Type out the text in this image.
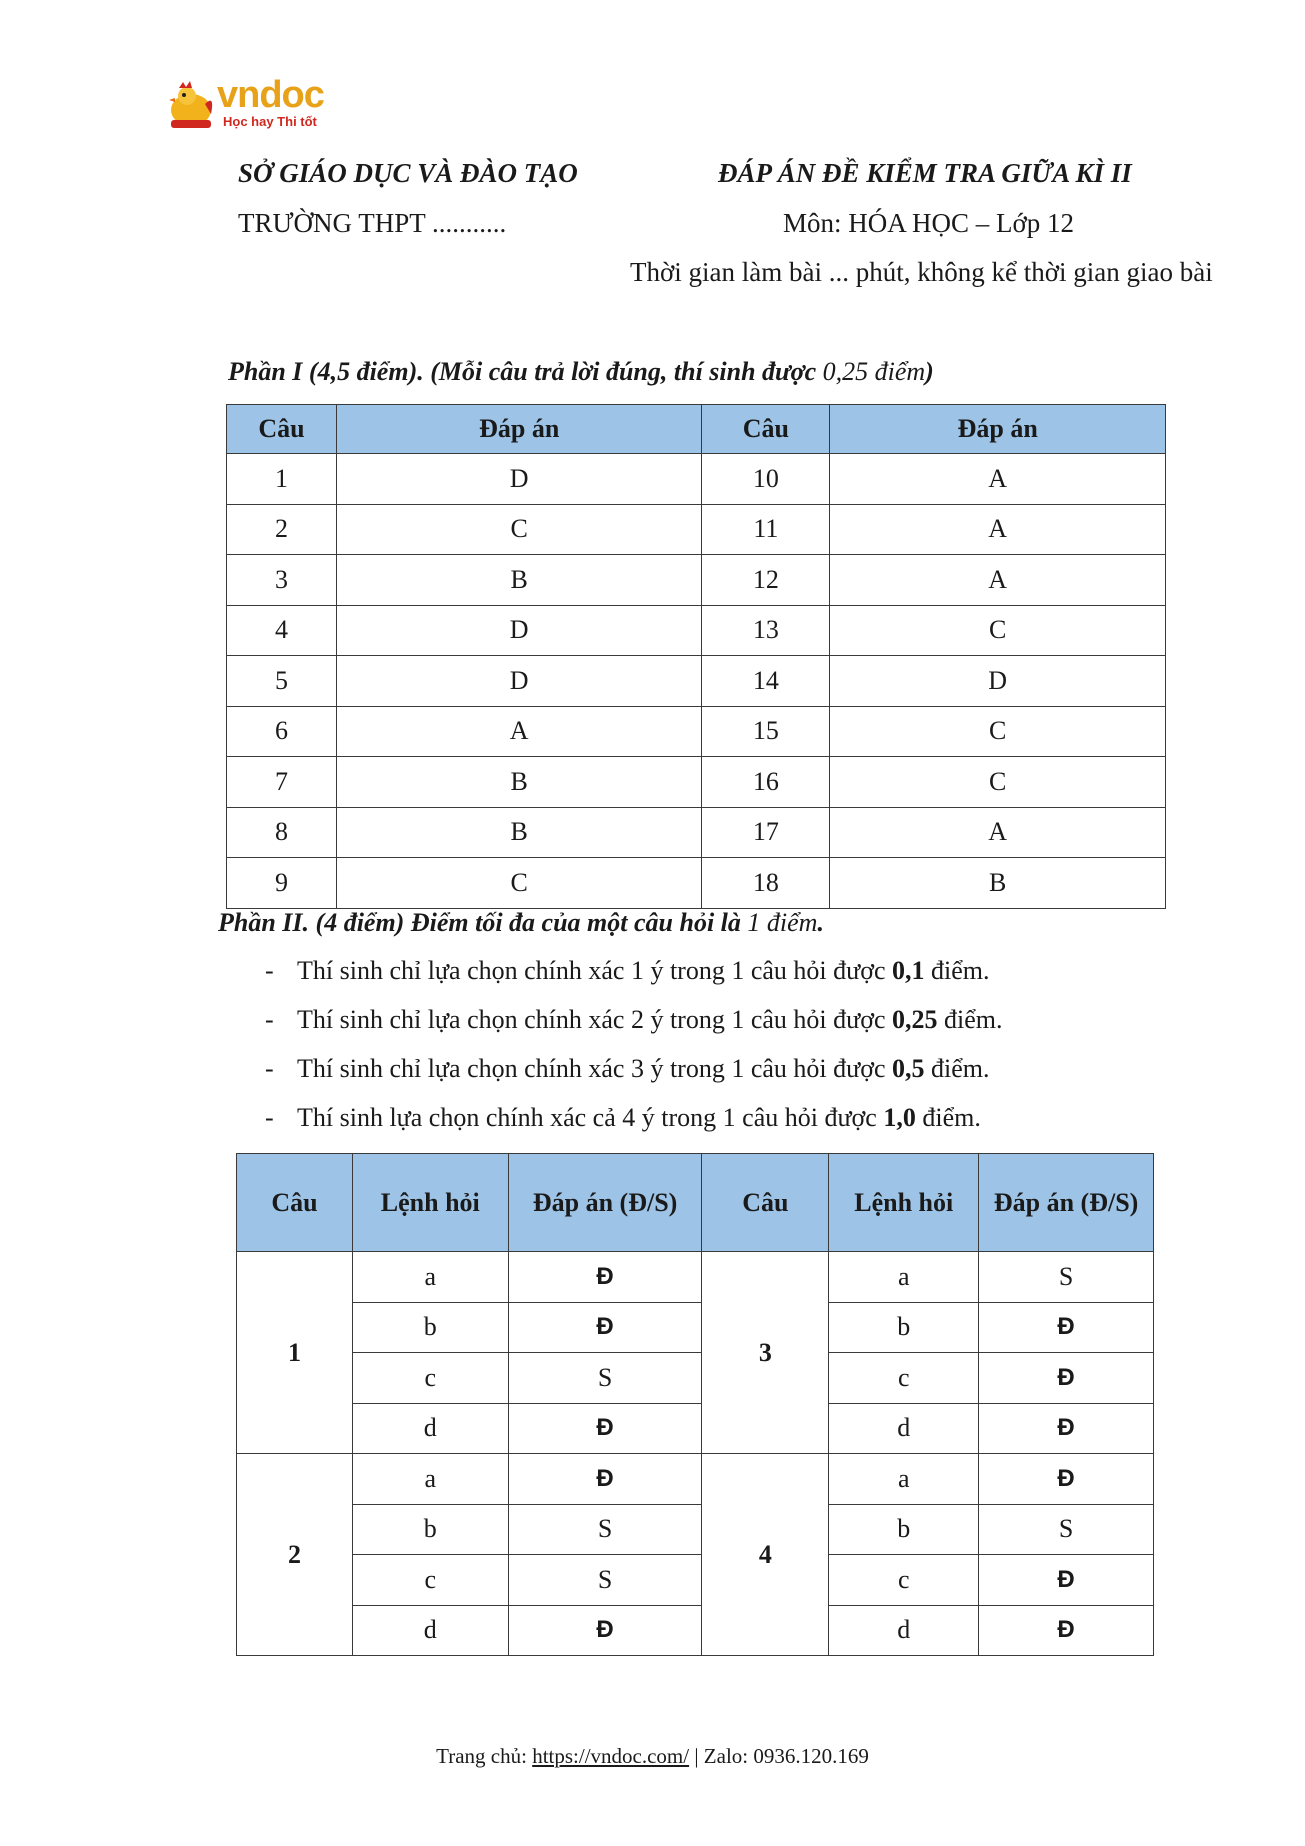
vndoc
Học hay Thi tốt
SỞ GIÁO DỤC VÀ ĐÀO TẠO
TRƯỜNG THPT ...........
ĐÁP ÁN ĐỀ KIỂM TRA GIỮA KÌ II
Môn: HÓA HỌC – Lớp 12
Thời gian làm bài ... phút, không kể thời gian giao bài
Phần I (4,5 điểm). (Mỗi câu trả lời đúng, thí sinh được 0,25 điểm)
Câu	Đáp án	Câu	Đáp án
1	D	10	A
2	C	11	A
3	B	12	A
4	D	13	C
5	D	14	D
6	A	15	C
7	B	16	C
8	B	17	A
9	C	18	B
Phần II. (4 điểm) Điểm tối đa của một câu hỏi là 1 điểm.
- Thí sinh chỉ lựa chọn chính xác 1 ý trong 1 câu hỏi được 0,1 điểm.
- Thí sinh chỉ lựa chọn chính xác 2 ý trong 1 câu hỏi được 0,25 điểm.
- Thí sinh chỉ lựa chọn chính xác 3 ý trong 1 câu hỏi được 0,5 điểm.
- Thí sinh lựa chọn chính xác cả 4 ý trong 1 câu hỏi được 1,0 điểm.
Câu	Lệnh hỏi	Đáp án (Đ/S)	Câu	Lệnh hỏi	Đáp án (Đ/S)
1	a	Đ	3	a	S
	b	Đ		b	Đ
	c	S		c	Đ
	d	Đ		d	Đ
2	a	Đ	4	a	Đ
	b	S		b	S
	c	S		c	Đ
	d	Đ		d	Đ
Trang chủ: https://vndoc.com/ | Zalo: 0936.120.169
